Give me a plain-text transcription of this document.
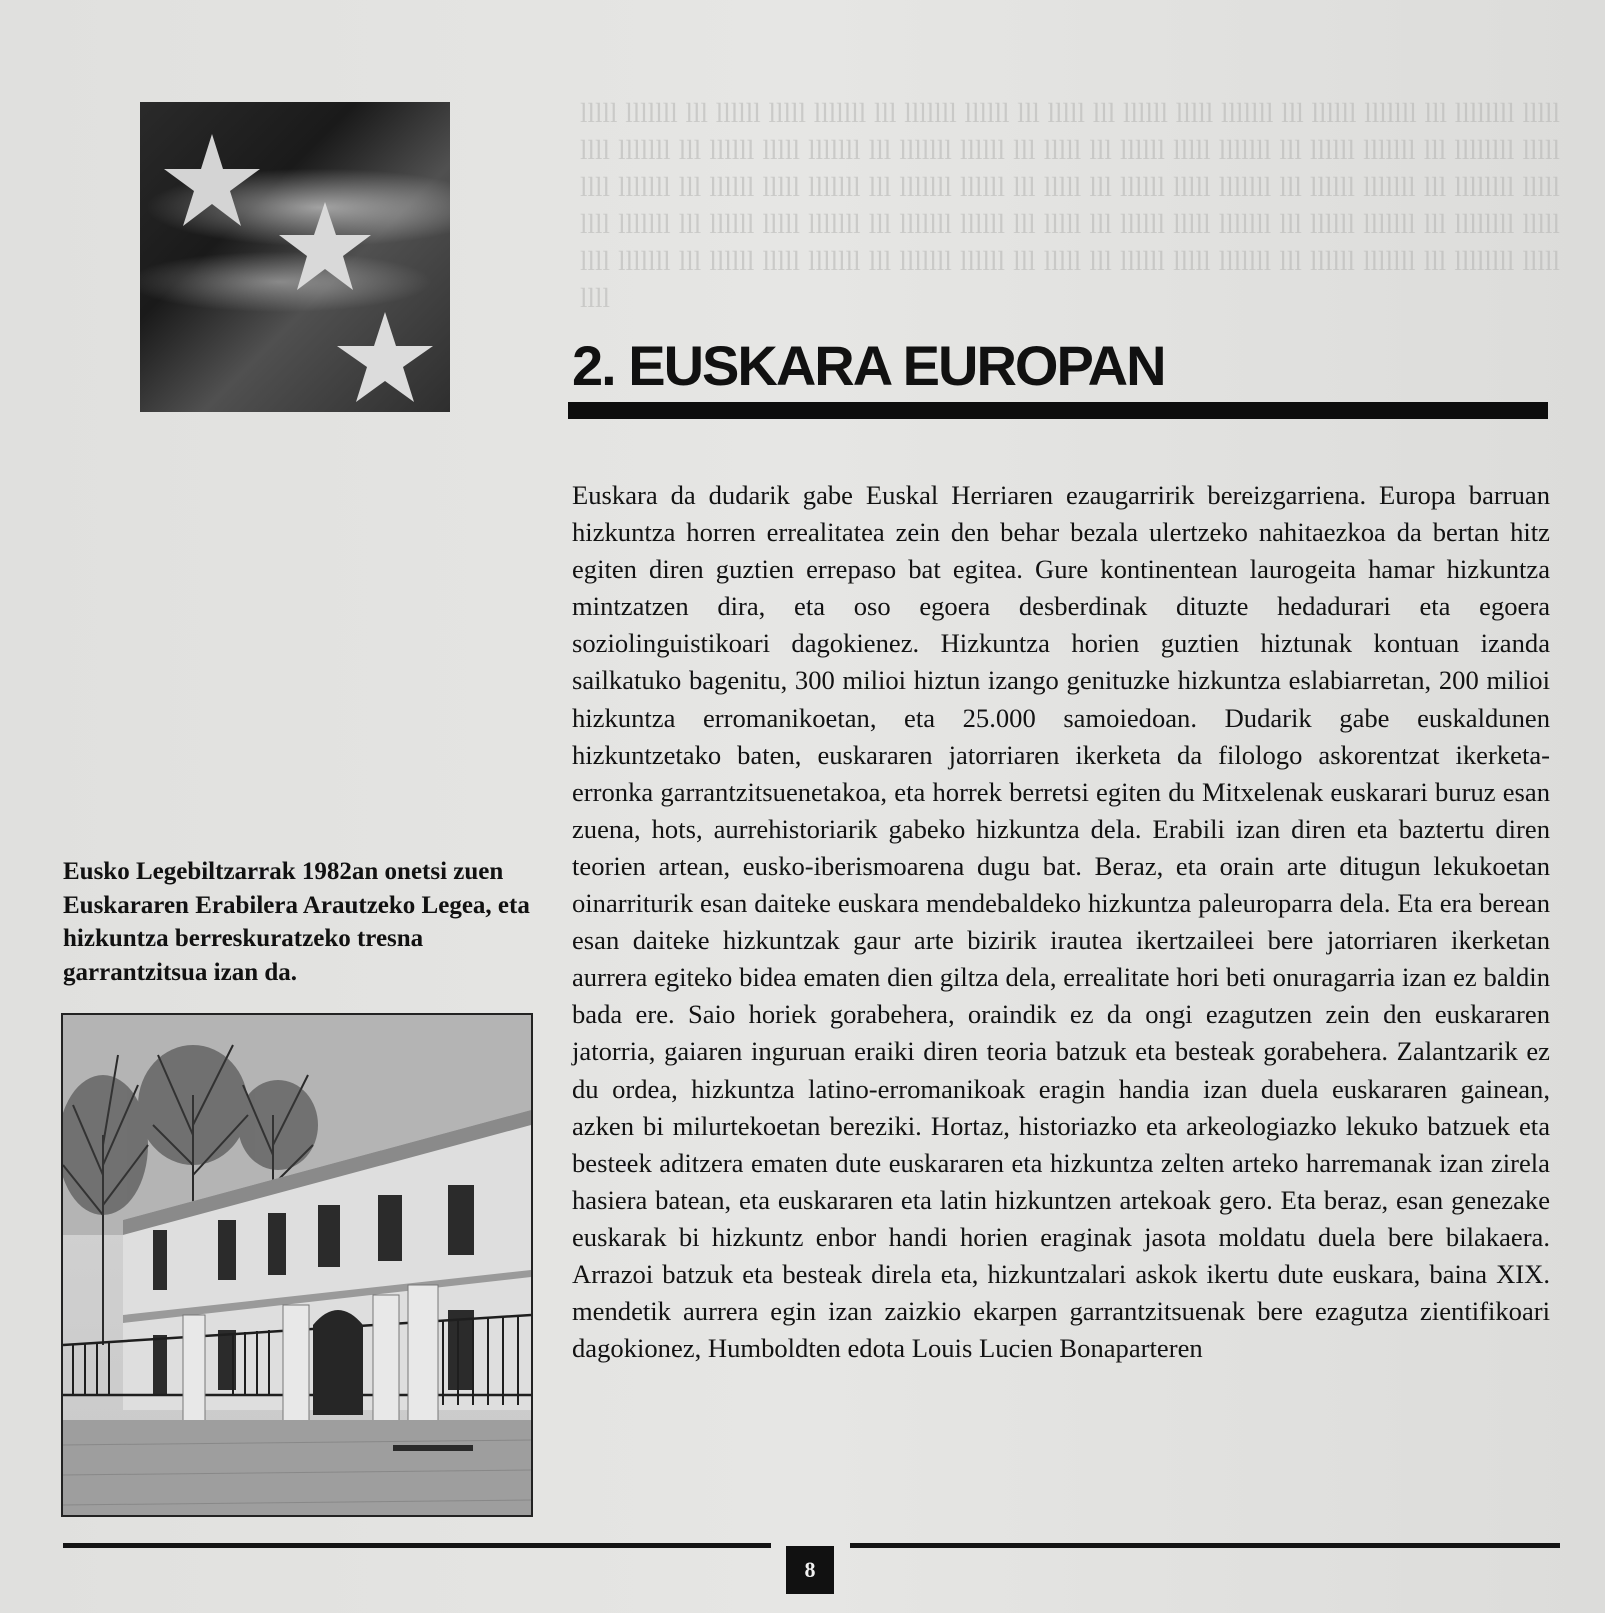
lllll lllllll lll llllll lllll lllllll lll lllllll llllll lll lllll lll llllll lllll lllllll lll llllll lllllll lll llllllll lllll llll lllllll lll llllll lllll lllllll lll lllllll llllll lll lllll lll llllll lllll lllllll lll llllll lllllll lll llllllll lllll llll lllllll lll llllll lllll lllllll lll lllllll llllll lll lllll lll llllll lllll lllllll lll llllll lllllll lll llllllll lllll llll lllllll lll llllll lllll lllllll lll lllllll llllll lll lllll lll llllll lllll lllllll lll llllll lllllll lll llllllll lllll llll lllllll lll llllll lllll lllllll lll lllllll llllll lll lllll lll llllll lllll lllllll lll llllll lllllll lll llllllll lllll llll

2. EUSKARA EUROPAN

Euskara da dudarik gabe Euskal Herriaren ezaugarririk bereizgarriena. Europa barruan hizkuntza horren errealitatea zein den behar bezala ulertzeko nahitaezkoa da bertan hitz egiten diren guztien errepaso bat egitea. Gure kontinentean laurogeita hamar hizkuntza mintzatzen dira, eta oso egoera desberdinak dituzte hedadurari eta egoera soziolinguistikoari dagokienez. Hizkuntza horien guztien hiztunak kontuan izanda sailkatuko bagenitu, 300 milioi hiztun izango genituzke hizkuntza eslabiarretan, 200 milioi hizkuntza erromanikoetan, eta 25.000 samoiedoan. Dudarik gabe euskaldunen hizkuntzetako baten, euskararen jatorriaren ikerketa da filologo askorentzat ikerketa-erronka garrantzitsuenetakoa, eta horrek berretsi egiten du Mitxelenak euskarari buruz esan zuena, hots, aurrehistoriarik gabeko hizkuntza dela. Erabili izan diren eta baztertu diren teorien artean, eusko-iberismoarena dugu bat. Beraz, eta orain arte ditugun lekukoetan oinarriturik esan daiteke euskara mendebaldeko hizkuntza paleuroparra dela. Eta era berean esan daiteke hizkuntzak gaur arte bizirik irautea ikertzaileei bere jatorriaren ikerketan aurrera egiteko bidea ematen dien giltza dela, errealitate hori beti onuragarria izan ez baldin bada ere. Saio horiek gorabehera, oraindik ez da ongi ezagutzen zein den euskararen jatorria, gaiaren inguruan eraiki diren teoria batzuk eta besteak gorabehera. Zalantzarik ez du ordea, hizkuntza latino-erromanikoak eragin handia izan duela euskararen gainean, azken bi milurtekoetan bereziki. Hortaz, historiazko eta arkeologiazko lekuko batzuek eta besteek aditzera ematen dute euskararen eta hizkuntza zelten arteko harremanak izan zirela hasiera batean, eta euskararen eta latin hizkuntzen artekoak gero. Eta beraz, esan genezake euskarak bi hizkuntz enbor handi horien eraginak jasota moldatu duela bere bilakaera. Arrazoi batzuk eta besteak direla eta, hizkuntzalari askok ikertu dute euskara, baina XIX. mendetik aurrera egin izan zaizkio ekarpen garrantzitsuenak bere ezagutza zientifikoari dagokionez, Humboldten edota Louis Lucien Bonaparteren

Eusko Legebiltzarrak 1982an onetsi zuen Euskararen Erabilera Arautzeko Legea, eta hizkuntza berreskuratzeko tresna garrantzitsua izan da.

8
